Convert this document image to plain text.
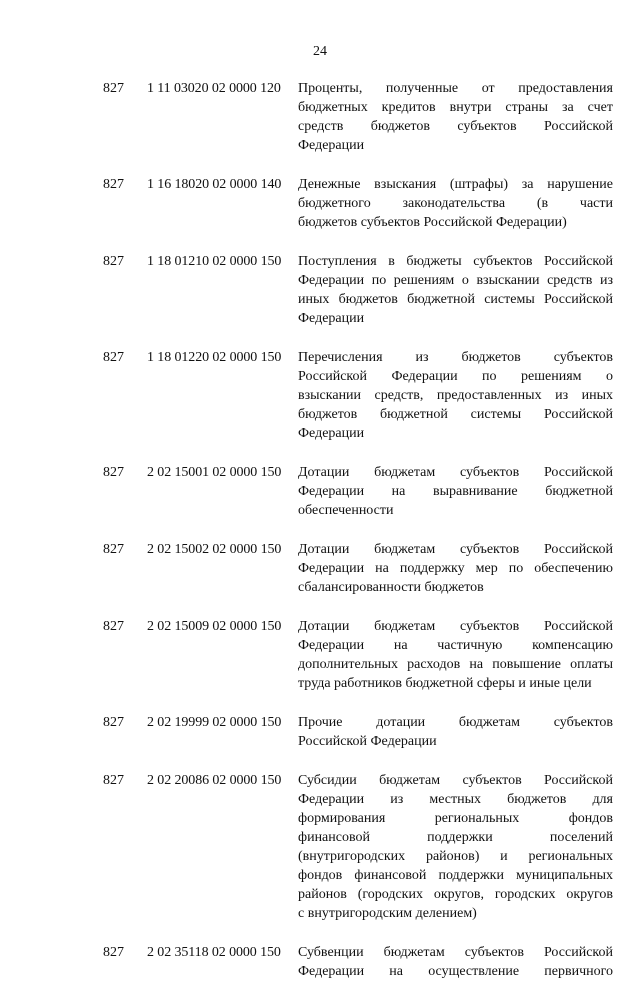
24
827 1 11 03020 02 0000 120 Проценты, полученные от предоставления
бюджетных кредитов внутри страны за счет
средств бюджетов субъектов Российской
Федерации
827 1 16 18020 02 0000 140 Денежные взыскания (штрафы) за нарушение
бюджетного законодательства (в части
бюджетов субъектов Российской Федерации)
827 1 18 01210 02 0000 150 Поступления в бюджеты субъектов Российской
Федерации по решениям о взыскании средств из
иных бюджетов бюджетной системы Российской
Федерации
827 1 18 01220 02 0000 150 Перечисления из бюджетов субъектов
Российской Федерации по решениям о
взыскании средств, предоставленных из иных
бюджетов бюджетной системы Российской
Федерации
827 2 02 15001 02 0000 150 Дотации бюджетам субъектов Российской
Федерации на выравнивание бюджетной
обеспеченности
827 2 02 15002 02 0000 150 Дотации бюджетам субъектов Российской
Федерации на поддержку мер по обеспечению
сбалансированности бюджетов
827 2 02 15009 02 0000 150 Дотации бюджетам субъектов Российской
Федерации на частичную компенсацию
дополнительных расходов на повышение оплаты
труда работников бюджетной сферы и иные цели
827 2 02 19999 02 0000 150 Прочие дотации бюджетам субъектов
Российской Федерации
827 2 02 20086 02 0000 150 Субсидии бюджетам субъектов Российской
Федерации из местных бюджетов для
формирования региональных фондов
финансовой поддержки поселений
(внутригородских районов) и региональных
фондов финансовой поддержки муниципальных
районов (городских округов, городских округов
с внутригородским делением)
827 2 02 35118 02 0000 150 Субвенции бюджетам субъектов Российской
Федерации на осуществление первичного
